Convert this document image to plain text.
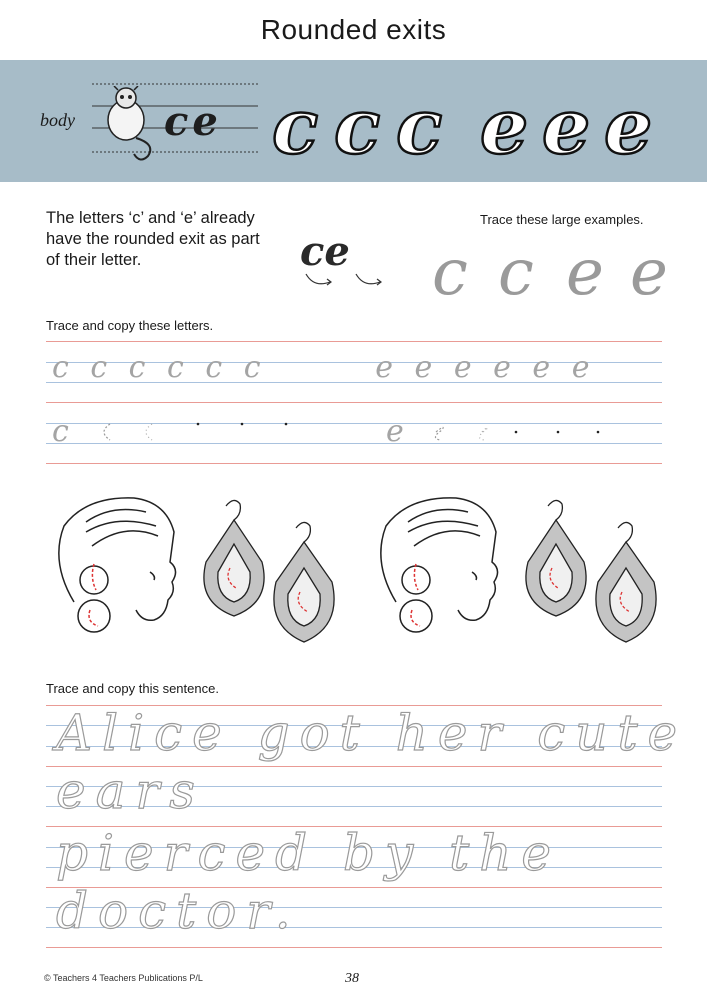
Rounded exits
body ce c c c e e e
The letters ‘c’ and ‘e’ already have the rounded exit as part of their letter.
Trace these large examples.
ce c c e e
Trace and copy these letters.
c c c c c c       e e e e e e
c	e
Trace and copy this sentence.
Alice got her cute ears
pierced by the doctor.
© Teachers 4 Teachers Publications P/L	38
